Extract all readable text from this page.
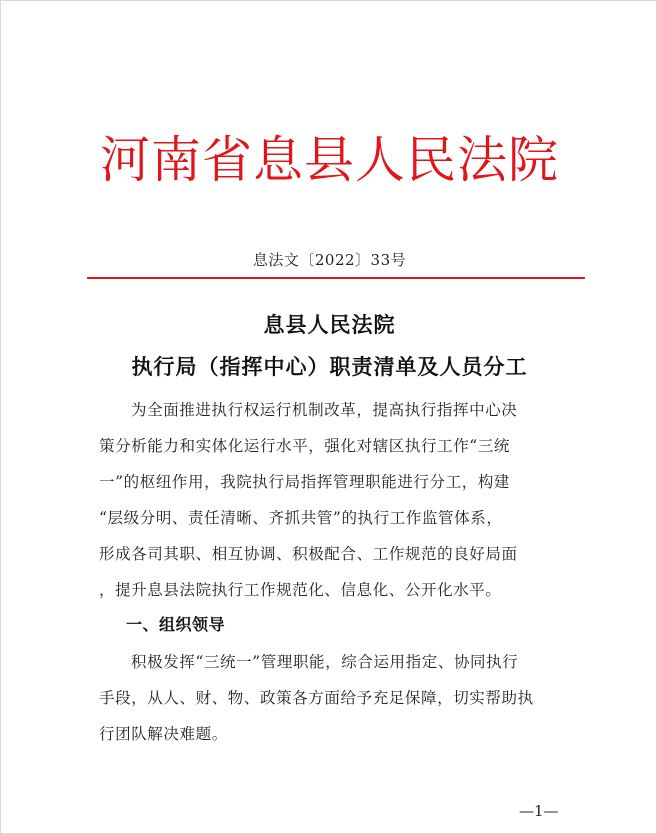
河南省息县人民法院
息法文〔2022〕33号
息县人民法院
执行局（指挥中心）职责清单及人员分工
为全面推进执行权运行机制改革，提高执行指挥中心决
策分析能力和实体化运行水平，强化对辖区执行工作“三统
一”的枢纽作用，我院执行局指挥管理职能进行分工，构建
“层级分明、责任清晰、齐抓共管”的执行工作监管体系，
形成各司其职、相互协调、积极配合、工作规范的良好局面
，提升息县法院执行工作规范化、信息化、公开化水平。
一、组织领导
积极发挥“三统一”管理职能，综合运用指定、协同执行
手段，从人、财、物、政策各方面给予充足保障，切实帮助执
行团队解决难题。
—1—
